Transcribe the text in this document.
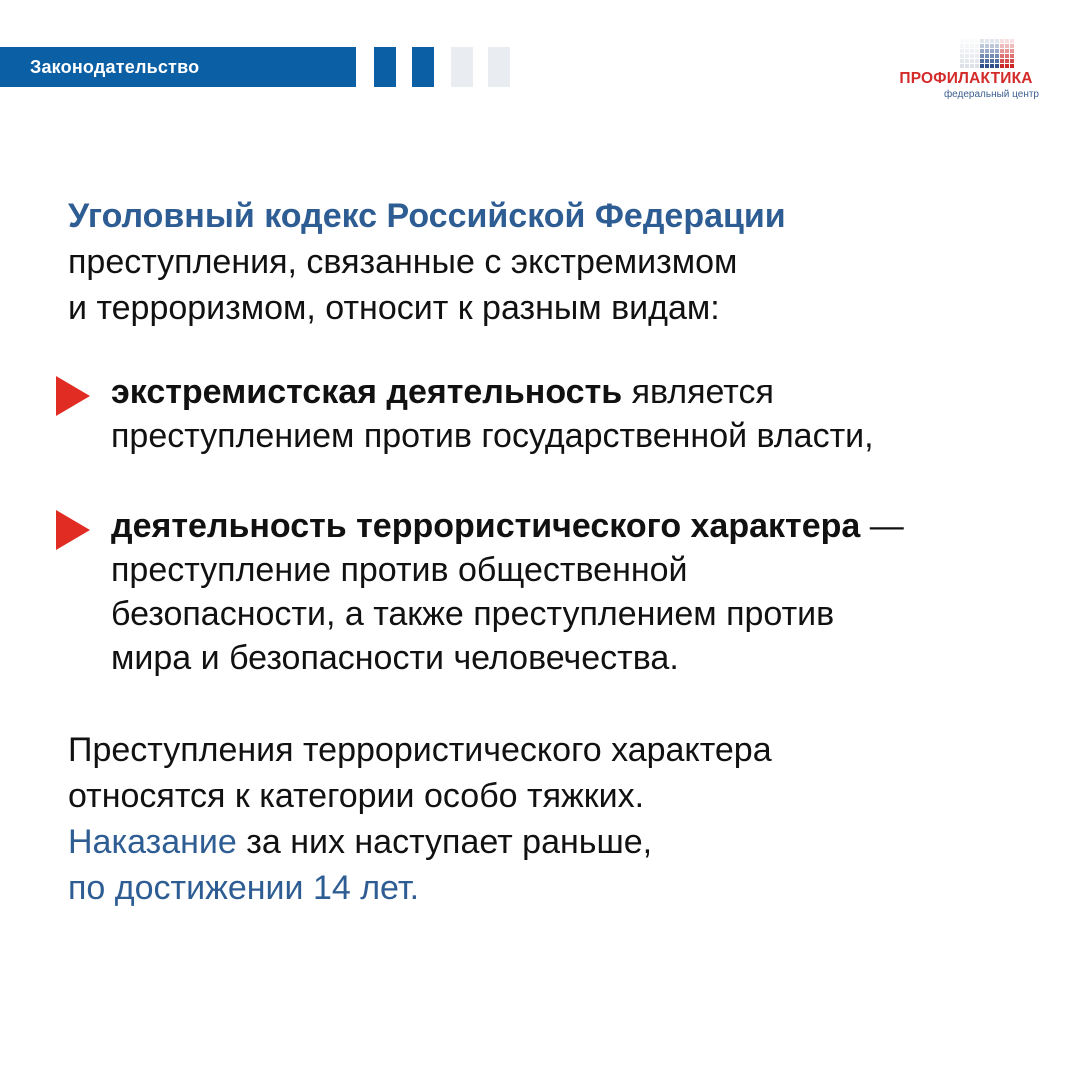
Законодательство
ПРОФИЛАКТИКА
федеральный центр
Уголовный кодекс Российской Федерации
преступления, связанные с экстремизмом
и терроризмом, относит к разным видам:
экстремистская деятельность является
преступлением против государственной власти,
деятельность террористического характера —
преступление против общественной
безопасности, а также преступлением против
мира и безопасности человечества.
Преступления террористического характера
относятся к категории особо тяжких.
Наказание за них наступает раньше,
по достижении 14 лет.
